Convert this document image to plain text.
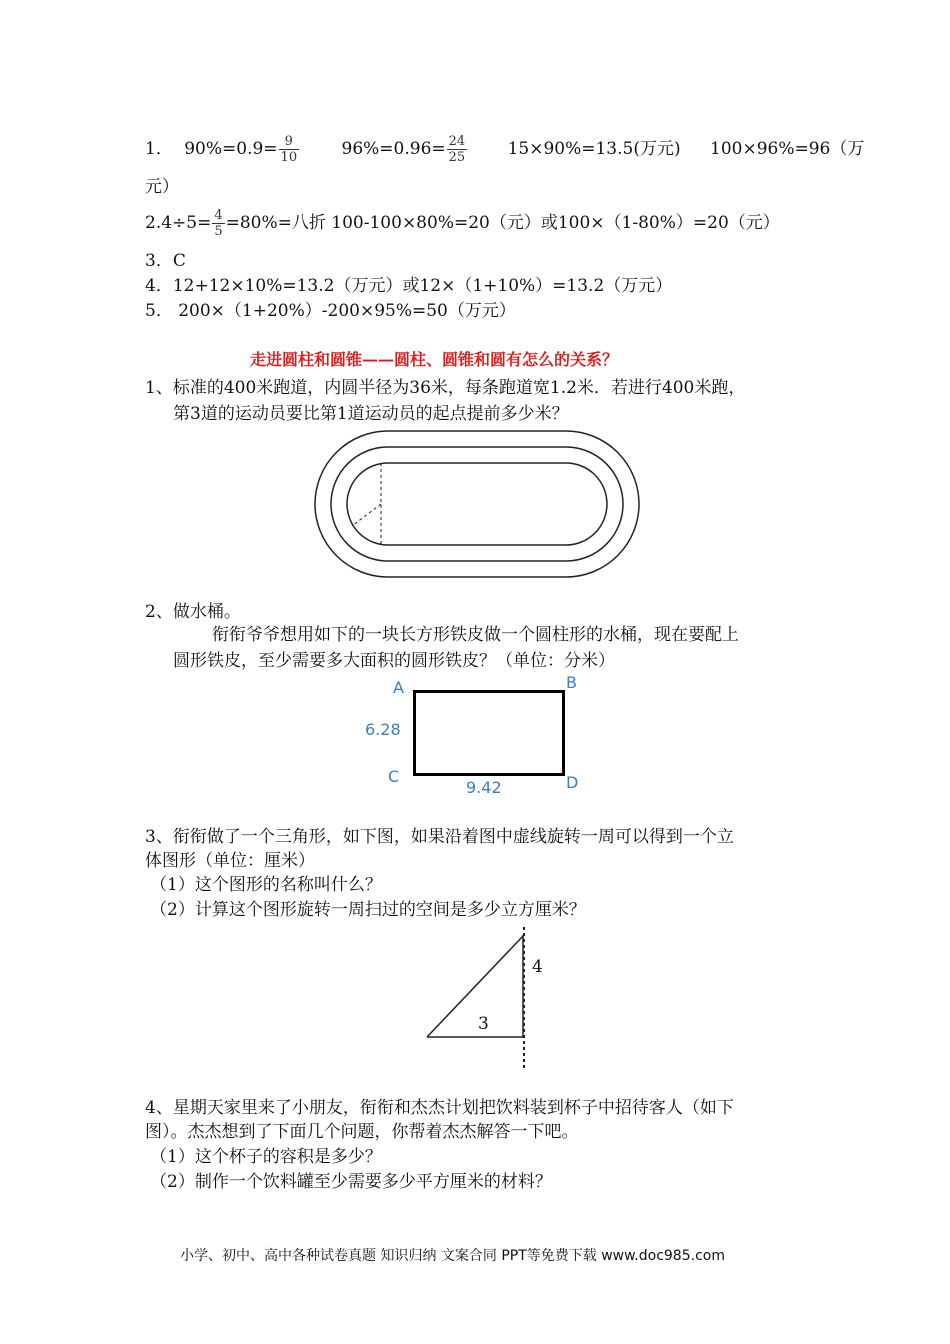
1． $90\%=0.9= \frac{9}{10} 96\%=0.96= \frac{24}{25} 15\times 90\%=13.5$(万元) 100×96%=96（万
元）
$2.4\div 5= \frac{4}{5} =80\%=$八折 100-100×80%=20（元）或100×（1-80%）=20（元）
3．C
4．12+12×10%=13.2（万元）或12×（1+10%）=13.2（万元）
5． 200×（1+20%）-200×95%=50（万元）
走进圆柱和圆锥——圆柱、圆锥和圆有怎么的关系？
1、标准的400米跑道，内圆半径为36米，每条跑道宽1.2米．若进行400米跑，
第3道的运动员要比第1道运动员的起点提前多少米？
2、做水桶。
衔衔爷爷想用如下的一块长方形铁皮做一个圆柱形的水桶，现在要配上
圆形铁皮，至少需要多大面积的圆形铁皮？（单位：分米）
A	B
C	D
6.28
9.42
3、衔衔做了一个三角形，如下图，如果沿着图中虚线旋转一周可以得到一个立
体图形（单位：厘米）
（1）这个图形的名称叫什么？
（2）计算这个图形旋转一周扫过的空间是多少立方厘米？
4
3
4、星期天家里来了小朋友，衔衔和杰杰计划把饮料装到杯子中招待客人（如下
图）。杰杰想到了下面几个问题，你帮着杰杰解答一下吧。
（1）这个杯子的容积是多少？
（2）制作一个饮料罐至少需要多少平方厘米的材料？
小学、初中、高中各种试卷真题 知识归纳 文案合同 PPT等免费下载 www.doc985.com
